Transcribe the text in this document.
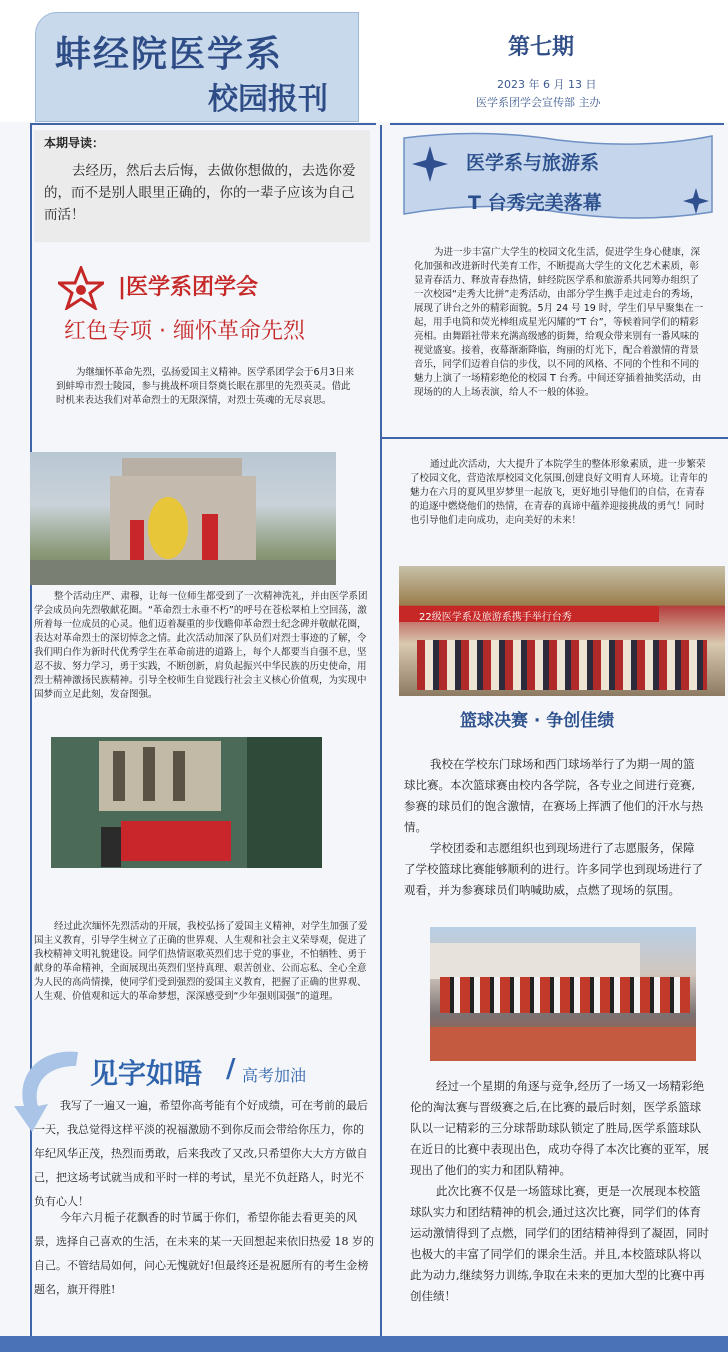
蚌经院医学系
校园报刊
第七期
2023 年 6 月 13 日
医学系团学会宣传部 主办
本期导读：
去经历，然后去后悔，去做你想做的，去选你爱的，而不是别人眼里正确的，你的一辈子应该为自己而活！
|医学系团学会
红色专项 · 缅怀革命先烈
为继缅怀革命先烈，弘扬爱国主义精神。医学系团学会于6月3日来到蚌埠市烈士陵园，参与挑战杯项目祭奠长眠在那里的先烈英灵。借此时机来表达我们对革命烈士的无限深情，对烈士英魂的无尽哀思。
整个活动庄严、肃穆，让每一位师生都受到了一次精神洗礼，并由医学系团学会成员向先烈敬献花圈。“革命烈士永垂不朽”的呼号在苍松翠柏上空回荡，激所着每一位成员的心灵。他们迈着凝重的步伐瞻仰革命烈士纪念碑并敬献花圈，表达对革命烈士的深切悼念之情。此次活动加深了队员们对烈士事迹的了解，令我们明白作为新时代优秀学生在革命前进的道路上，每个人都要当自强不息，坚忍不拔、努力学习，勇于实践，不断创新，肩负起振兴中华民族的历史使命，用烈士精神激扬民族精神。引导全校师生自觉践行社会主义核心价值观，为实现中国梦而立足此刻，发奋图强。
经过此次缅怀先烈活动的开展，我校弘扬了爱国主义精神，对学生加强了爱国主义教育，引导学生树立了正确的世界观、人生观和社会主义荣辱观，促进了我校精神文明礼貌建设。同学们热情讴歌英烈们忠于党的事业，不怕牺牲、勇于献身的革命精神，全面展现出英烈们坚持真理、艰苦创业、公而忘私、全心全意为人民的高尚情操，使同学们受到强烈的爱国主义教育，把握了正确的世界观、人生观、价值观和远大的革命梦想，深深感受到“少年强则国强”的道理。
见字如晤 / 高考加油
我写了一遍又一遍，希望你高考能有个好成绩，可在考前的最后一天，我总觉得这样平淡的祝福激励不到你反而会带给你压力，你的年纪风华正茂，热烈而勇敢，后来我改了又改,只希望你大大方方做自己，把这场考试就当成和平时一样的考试，星光不负赶路人，时光不负有心人！
今年六月栀子花飘香的时节属于你们，希望你能去看更美的风景，选择自己喜欢的生活，在未来的某一天回想起来依旧热爱 18 岁的自己。不管结局如何，问心无愧就好!但最终还是祝愿所有的考生金榜题名，旗开得胜!
医学系与旅游系
T 台秀完美落幕
为进一步丰富广大学生的校园文化生活，促进学生身心健康，深化加强和改进新时代美育工作，不断提高大学生的文化艺术素质，彰显青春活力、释放青春热情，蚌经院医学系和旅游系共同筹办组织了一次校园“走秀大比拼”走秀活动，由部分学生携手走过走台的秀场，展现了讲台之外的精彩面貌。5月 24 号 19 时，学生们早早聚集在一起，用手电筒和荧光棒组成星光闪耀的“T 台”，等候着同学们的精彩亮相。由舞蹈社带来充满高级感的街舞，给观众带来别有一番风味的视觉盛宴。接着，夜幕渐渐降临，绚丽的灯光下，配合着激情的背景音乐，同学们迈着自信的步伐，以不同的风格、不同的个性和不同的魅力上演了一场精彩绝伦的校园 T 台秀。中间还穿插着抽奖活动，由现场的的人上场表演，给人不一般的体验。
通过此次活动，大大提升了本院学生的整体形象素质，进一步繁荣了校园文化，营造浓厚校园文化氛围,创建良好文明育人环境。让青年的魅力在六月的夏风里岁梦里一起放飞，更好地引导他们的自信，在青春的追逐中燃烧他们的热情，在青春的真谛中蕴养迎接挑战的勇气！同时也引导他们走向成功，走向美好的未来！
22级医学系及旅游系携手举行台秀
篮球决赛 · 争创佳绩
我校在学校东门球场和西门球场举行了为期一周的篮球比赛。本次篮球赛由校内各学院，各专业之间进行竞赛,参赛的球员们的饱含激情，在赛场上挥洒了他们的汗水与热情。
学校团委和志愿组织也到现场进行了志愿服务，保障了学校篮球比赛能够顺利的进行。许多同学也到现场进行了观看，并为参赛球员们呐喊助威，点燃了现场的氛围。
经过一个星期的角逐与竞争,经历了一场又一场精彩绝伦的淘汰赛与晋级赛之后,在比赛的最后时刻，医学系篮球队以一记精彩的三分球帮助球队锁定了胜局,医学系篮球队在近日的比赛中表现出色，成功夺得了本次比赛的亚军，展现出了他们的实力和团队精神。
此次比赛不仅是一场篮球比赛，更是一次展现本校篮球队实力和团结精神的机会,通过这次比赛，同学们的体育运动激情得到了点燃，同学们的团结精神得到了凝固，同时也极大的丰富了同学们的课余生活。并且,本校篮球队将以此为动力,继续努力训练,争取在未来的更加大型的比赛中再创佳绩！
